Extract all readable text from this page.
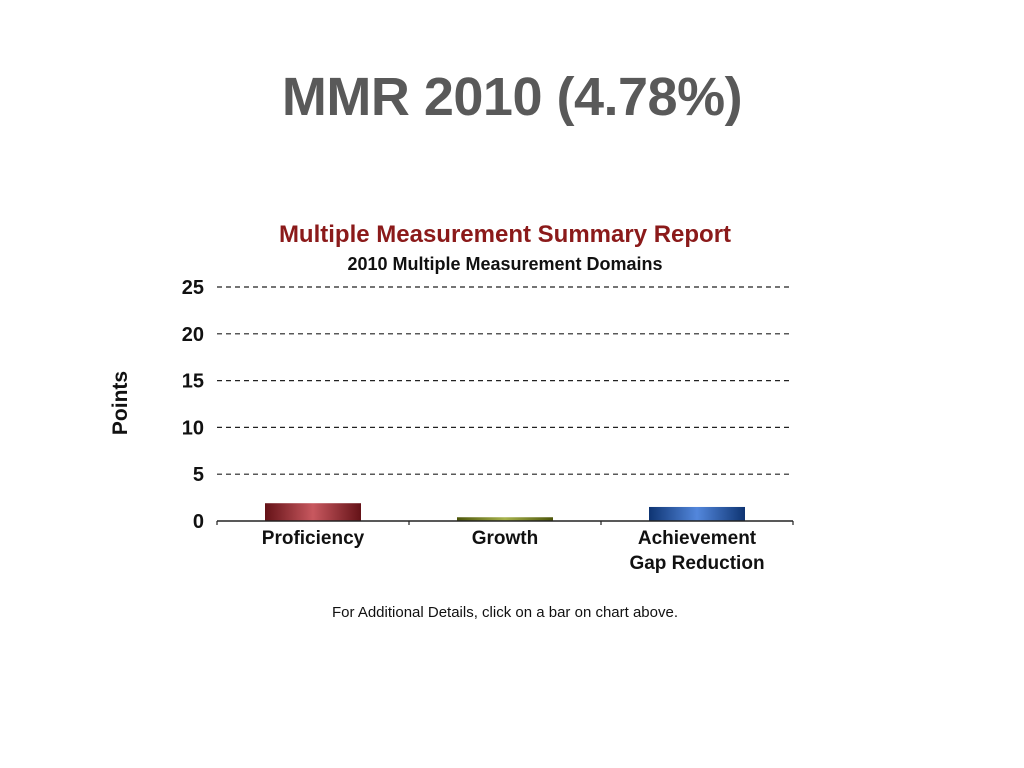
MMR 2010 (4.78%)
Multiple Measurement Summary Report
2010 Multiple Measurement Domains
Points
0
5
10
15
20
25
Proficiency	Growth	Achievement
Gap Reduction
For Additional Details, click on a bar on chart above.
